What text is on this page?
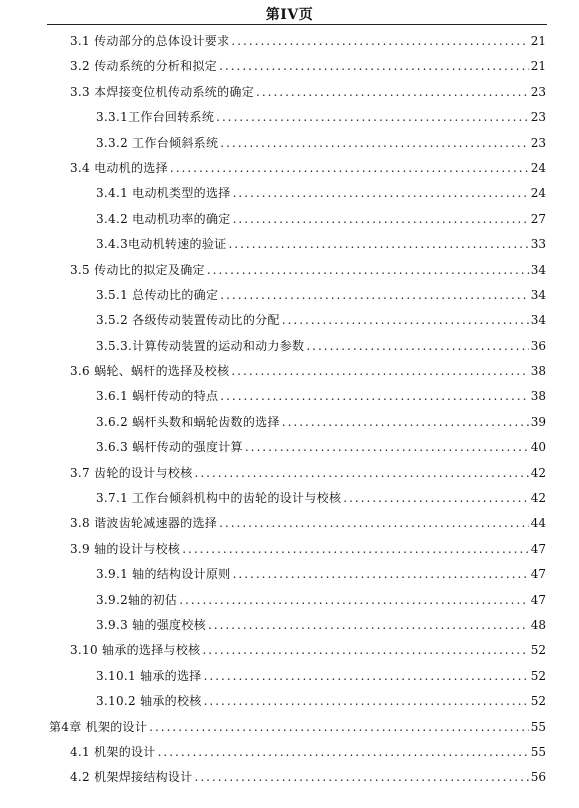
第IV页
3.1 传动部分的总体设计要求 .....	21
3.2 传动系统的分析和拟定 .....	21
3.3 本焊接变位机传动系统的确定 .....	23
3.3.1工作台回转系统 .....	23
3.3.2 工作台倾斜系统 .....	23
3.4 电动机的选择 .....	24
3.4.1 电动机类型的选择 .....	24
3.4.2 电动机功率的确定 .....	27
3.4.3电动机转速的验证 .....	33
3.5 传动比的拟定及确定 .....	34
3.5.1 总传动比的确定 .....	34
3.5.2 各级传动装置传动比的分配 .....	34
3.5.3.计算传动装置的运动和动力参数 .....	36
3.6 蜗轮、蜗杆的选择及校核 .....	38
3.6.1 蜗杆传动的特点 .....	38
3.6.2 蜗杆头数和蜗轮齿数的选择 .....	39
3.6.3 蜗杆传动的强度计算 .....	40
3.7 齿轮的设计与校核 .....	42
3.7.1 工作台倾斜机构中的齿轮的设计与校核 .....	42
3.8 谐波齿轮减速器的选择 .....	44
3.9 轴的设计与校核 .....	47
3.9.1 轴的结构设计原则 .....	47
3.9.2轴的初估 .....	47
3.9.3 轴的强度校核 .....	48
3.10 轴承的选择与校核 .....	52
3.10.1 轴承的选择 .....	52
3.10.2 轴承的校核 .....	52
第4章 机架的设计 .....	55
4.1 机架的设计 .....	55
4.2 机架焊接结构设计 .....	56
